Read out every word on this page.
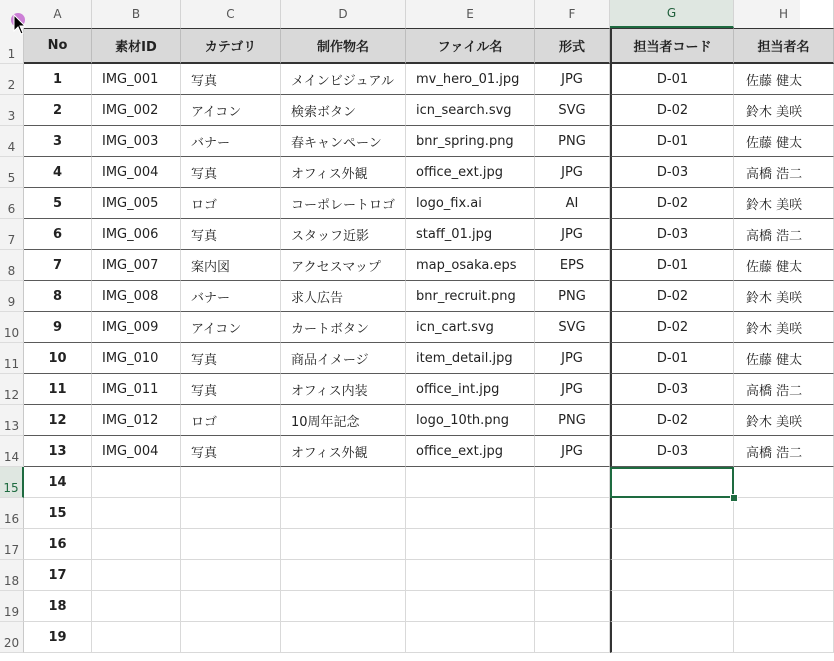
A	B	C	D	E	F	G	H
1
2
3
4
5
6
7
8
9
10
11
12
13
14
15
16
17
18
19
20
No	素材ID	カテゴリ	制作物名	ファイル名	形式	担当者コード	担当者名
1	IMG_001	写真	メインビジュアル	mv_hero_01.jpg	JPG	D-01	佐藤 健太
2	IMG_002	アイコン	検索ボタン	icn_search.svg	SVG	D-02	鈴木 美咲
3	IMG_003	バナー	春キャンペーン	bnr_spring.png	PNG	D-01	佐藤 健太
4	IMG_004	写真	オフィス外観	office_ext.jpg	JPG	D-03	高橋 浩二
5	IMG_005	ロゴ	コーポレートロゴ	logo_fix.ai	AI	D-02	鈴木 美咲
6	IMG_006	写真	スタッフ近影	staff_01.jpg	JPG	D-03	高橋 浩二
7	IMG_007	案内図	アクセスマップ	map_osaka.eps	EPS	D-01	佐藤 健太
8	IMG_008	バナー	求人広告	bnr_recruit.png	PNG	D-02	鈴木 美咲
9	IMG_009	アイコン	カートボタン	icn_cart.svg	SVG	D-02	鈴木 美咲
10	IMG_010	写真	商品イメージ	item_detail.jpg	JPG	D-01	佐藤 健太
11	IMG_011	写真	オフィス内装	office_int.jpg	JPG	D-03	高橋 浩二
12	IMG_012	ロゴ	10周年記念	logo_10th.png	PNG	D-02	鈴木 美咲
13	IMG_004	写真	オフィス外観	office_ext.jpg	JPG	D-03	高橋 浩二
14
15
16
17
18
19
